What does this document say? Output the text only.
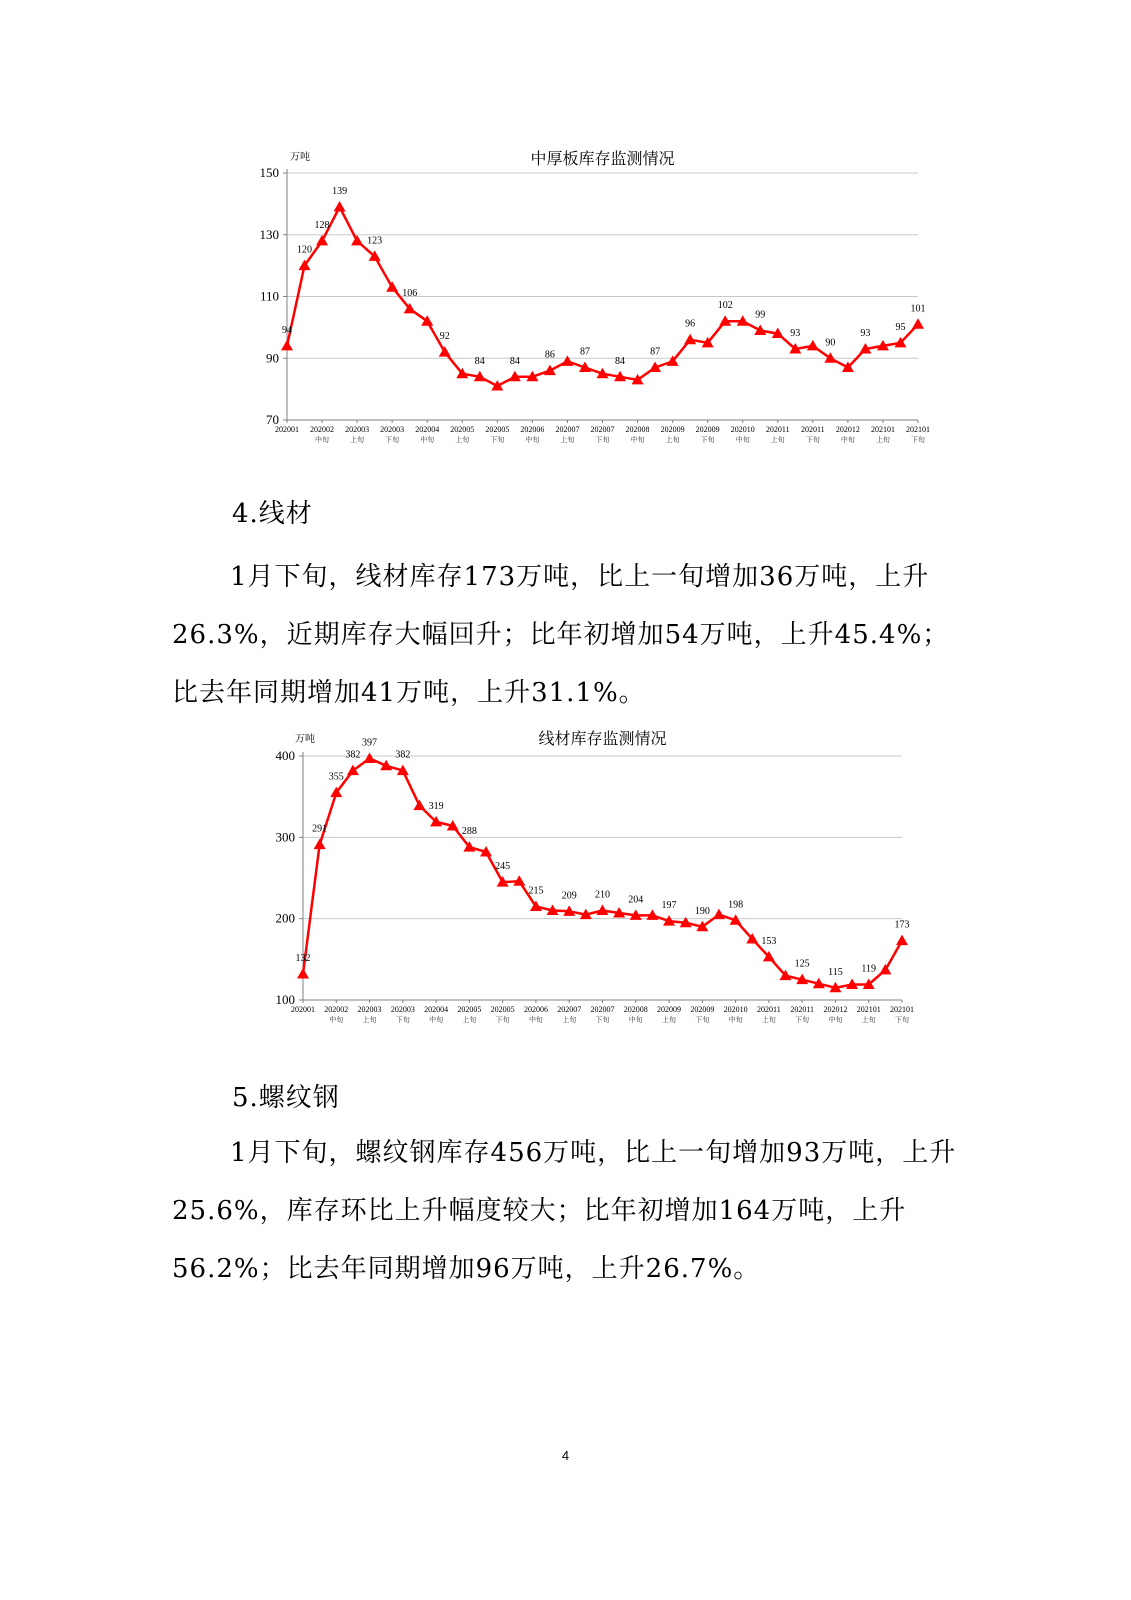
中厚板库存监测情况
万吨
70
90
110
130
150
202001 202002
中旬
202003
上旬
202003
下旬
202004
中旬
202005
上旬
202005
下旬
202006
中旬
202007
上旬
202007
下旬
202008
中旬
202009
上旬
202009
下旬
202010
中旬
202011
上旬
202011
下旬
202012
中旬
202101
上旬
202101
下旬
94
120
128
139
123
106
92
84	84
86	87
84
87
96
102
99
93
90
93
95
101
4.线材

1月下旬，线材库存173万吨，比上一旬增加36万吨，上升26.3%，近期库存大幅回升；比年初增加54万吨，上升45.4%；比去年同期增加41万吨，上升31.1%。

线材库存监测情况
万吨
100
200
300
400
202001 202002
中旬
202003
上旬
202003
下旬
202004
中旬
202005
上旬
202005
下旬
202006
中旬
202007
上旬
202007
下旬
202008
中旬
202009
上旬
202009
下旬
202010
中旬
202011
上旬
202011
下旬
202012
中旬
202101
上旬
202101
下旬
132
291
355
382
397
382
319
288
245
215 209 210 204
197
190
198
153
125
115 119
173
5.螺纹钢

1月下旬，螺纹钢库存456万吨，比上一旬增加93万吨，上升25.6%，库存环比上升幅度较大；比年初增加164万吨，上升56.2%；比去年同期增加96万吨，上升26.7%。

4
